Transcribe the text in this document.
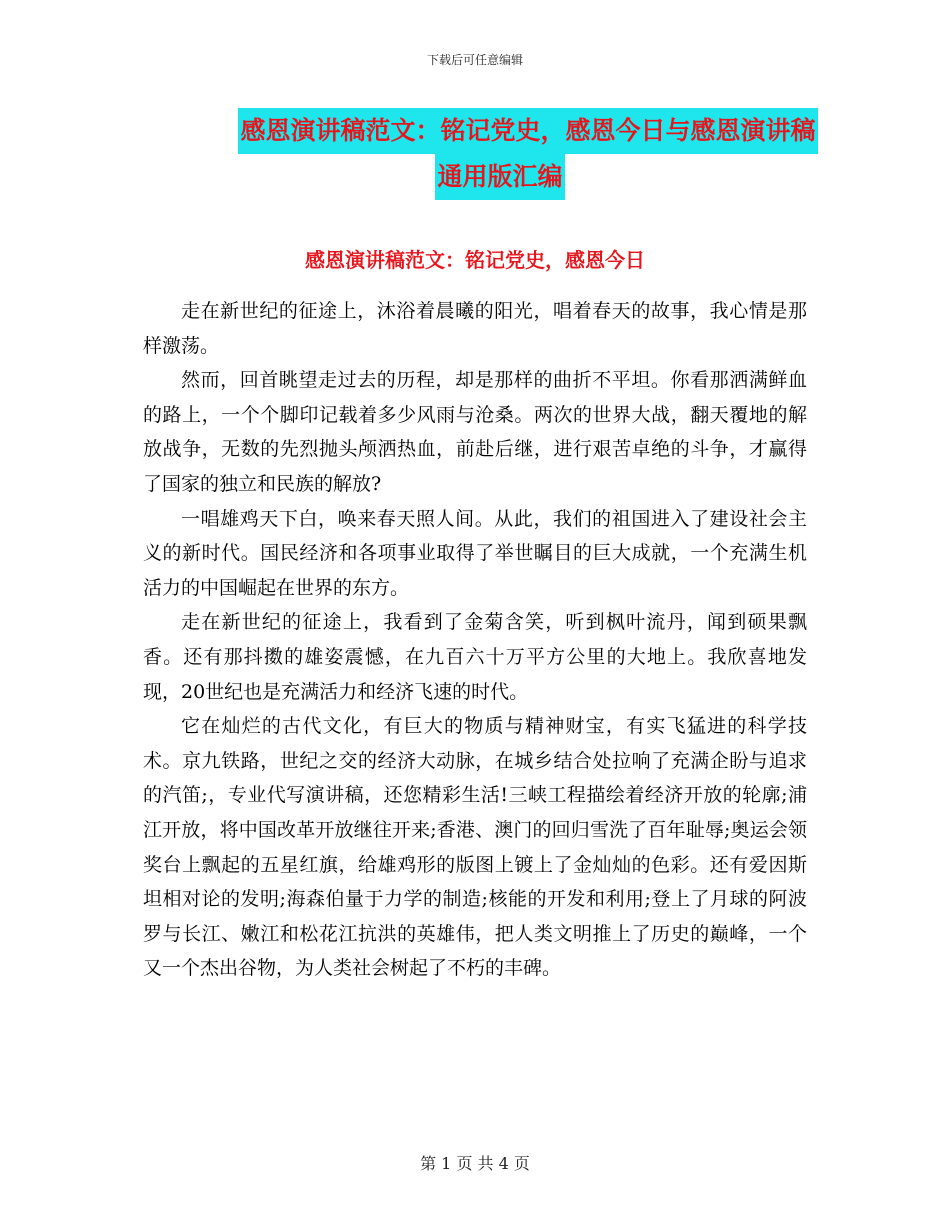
下载后可任意编辑
感恩演讲稿范文：铭记党史，感恩今日与感恩演讲稿
通用版汇编
感恩演讲稿范文：铭记党史，感恩今日

走在新世纪的征途上，沐浴着晨曦的阳光，唱着春天的故事，我心情是那样激荡。

然而，回首眺望走过去的历程，却是那样的曲折不平坦。你看那洒满鲜血的路上，一个个脚印记载着多少风雨与沧桑。两次的世界大战，翻天覆地的解放战争，无数的先烈抛头颅洒热血，前赴后继，进行艰苦卓绝的斗争，才赢得了国家的独立和民族的解放?

一唱雄鸡天下白，唤来春天照人间。从此，我们的祖国进入了建设社会主义的新时代。国民经济和各项事业取得了举世瞩目的巨大成就，一个充满生机活力的中国崛起在世界的东方。

走在新世纪的征途上，我看到了金菊含笑，听到枫叶流丹，闻到硕果飘香。还有那抖擞的雄姿震憾，在九百六十万平方公里的大地上。我欣喜地发现，20世纪也是充满活力和经济飞速的时代。

它在灿烂的古代文化，有巨大的物质与精神财宝，有实飞猛进的科学技术。京九铁路，世纪之交的经济大动脉，在城乡结合处拉响了充满企盼与追求的汽笛;，专业代写演讲稿，还您精彩生活!三峡工程描绘着经济开放的轮廓;浦江开放，将中国改革开放继往开来;香港、澳门的回归雪洗了百年耻辱;奥运会领奖台上飘起的五星红旗，给雄鸡形的版图上镀上了金灿灿的色彩。还有爱因斯坦相对论的发明;海森伯量于力学的制造;核能的开发和利用;登上了月球的阿波罗与长江、嫩江和松花江抗洪的英雄伟，把人类文明推上了历史的巅峰，一个又一个杰出谷物，为人类社会树起了不朽的丰碑。

第 1 页 共 4 页
